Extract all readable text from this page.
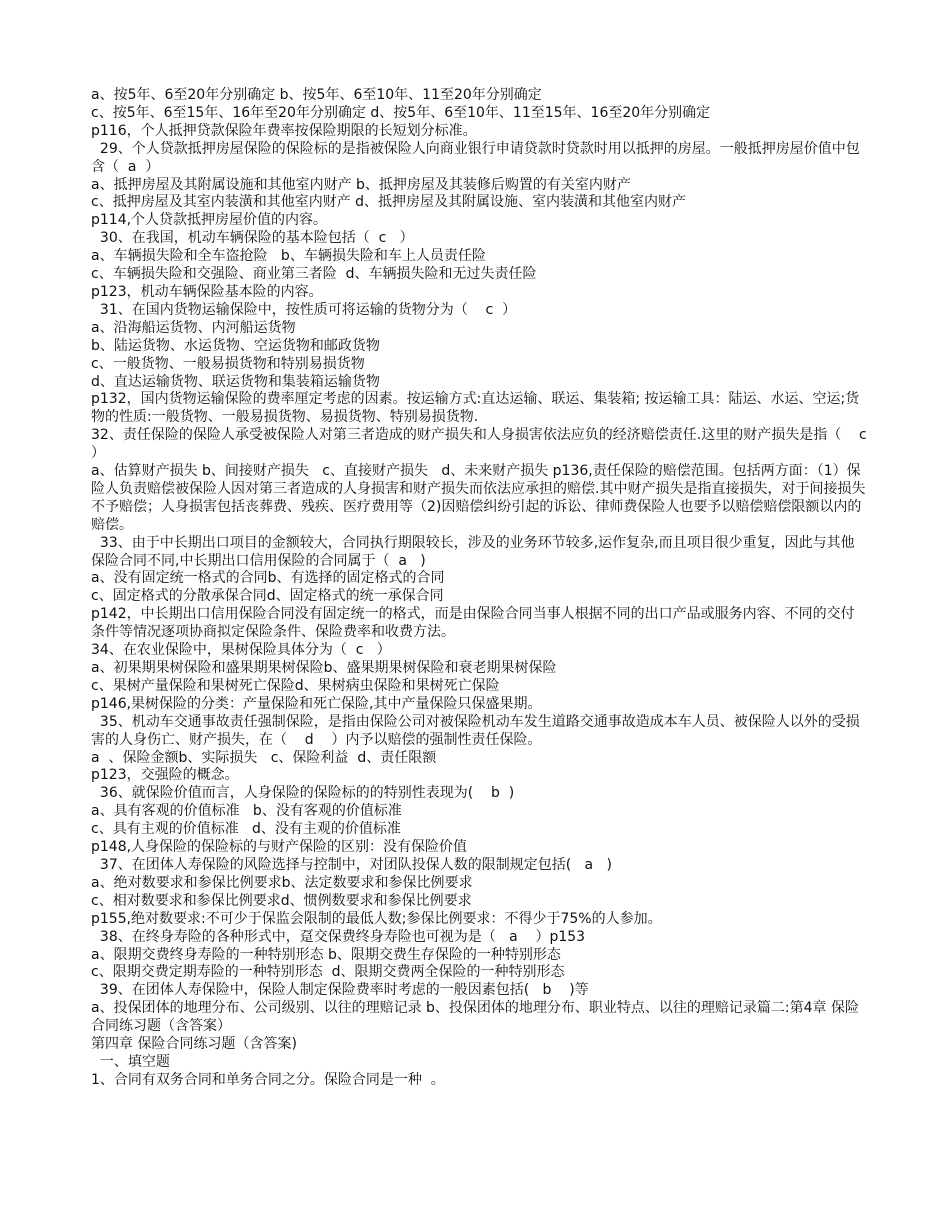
a、按5年、6至20年分别确定 b、按5年、6至10年、11至20年分别确定
c、按5年、6至15年、16年至20年分别确定 d、按5年、6至10年、11至15年、16至20年分别确定
p116，个人抵押贷款保险年费率按保险期限的长短划分标准。
29、个人贷款抵押房屋保险的保险标的是指被保险人向商业银行申请贷款时贷款时用以抵押的房屋。一般抵押房屋价值中包含（  a  ）
a、抵押房屋及其附属设施和其他室内财产 b、抵押房屋及其装修后购置的有关室内财产
c、抵押房屋及其室内装潢和其他室内财产 d、抵押房屋及其附属设施、室内装潢和其他室内财产
p114,个人贷款抵押房屋价值的内容。
30、在我国，机动车辆保险的基本险包括（  c   ）
a、车辆损失险和全车盗抢险   b、车辆损失险和车上人员责任险
c、车辆损失险和交强险、商业第三者险  d、车辆损失险和无过失责任险
p123，机动车辆保险基本险的内容。
31、在国内货物运输保险中，按性质可将运输的货物分为（    c  ）
a、沿海船运货物、内河船运货物
b、陆运货物、水运货物、空运货物和邮政货物
c、一般货物、一般易损货物和特别易损货物
d、直达运输货物、联运货物和集装箱运输货物
p132，国内货物运输保险的费率厘定考虑的因素。按运输方式:直达运输、联运、集装箱; 按运输工具：陆运、水运、空运;货物的性质:一般货物、一般易损货物、易损货物、特别易损货物.
32、责任保险的保险人承受被保险人对第三者造成的财产损失和人身损害依法应负的经济赔偿责任.这里的财产损失是指（    c    ）
a、估算财产损失 b、间接财产损失   c、直接财产损失   d、未来财产损失 p136,责任保险的赔偿范围。包括两方面：（1）保险人负责赔偿被保险人因对第三者造成的人身损害和财产损失而依法应承担的赔偿.其中财产损失是指直接损失，对于间接损失不予赔偿；人身损害包括丧葬费、残疾、医疗费用等（2)因赔偿纠纷引起的诉讼、律师费保险人也要予以赔偿赔偿限额以内的赔偿。
33、由于中长期出口项目的金额较大，合同执行期限较长，涉及的业务环节较多,运作复杂,而且项目很少重复，因此与其他保险合同不同,中长期出口信用保险的合同属于（  a   )
a、没有固定统一格式的合同b、有选择的固定格式的合同
c、固定格式的分散承保合同d、固定格式的统一承保合同
p142，中长期出口信用保险合同没有固定统一的格式，而是由保险合同当事人根据不同的出口产品或服务内容、不同的交付条件等情况逐项协商拟定保险条件、保险费率和收费方法。
34、在农业保险中，果树保险具体分为（  c   ）
a、初果期果树保险和盛果期果树保险b、盛果期果树保险和衰老期果树保险
c、果树产量保险和果树死亡保险d、果树病虫保险和果树死亡保险
p146,果树保险的分类：产量保险和死亡保险,其中产量保险只保盛果期。
35、机动车交通事故责任强制保险，是指由保险公司对被保险机动车发生道路交通事故造成本车人员、被保险人以外的受损害的人身伤亡、财产损失，在（    d    ）内予以赔偿的强制性责任保险。
a  、保险金额b、实际损失   c、保险利益  d、责任限额
p123，交强险的概念。
36、就保险价值而言，人身保险的保险标的的特别性表现为(    b  )
a、具有客观的价值标准   b、没有客观的价值标准
c、具有主观的价值标准   d、没有主观的价值标准
p148,人身保险的保险标的与财产保险的区别：没有保险价值
37、在团体人寿保险的风险选择与控制中，对团队投保人数的限制规定包括(   a   )
a、绝对数要求和参保比例要求b、法定数要求和参保比例要求
c、相对数要求和参保比例要求d、惯例数要求和参保比例要求
p155,绝对数要求:不可少于保监会限制的最低人数;参保比例要求：不得少于75%的人参加。
38、在终身寿险的各种形式中，趸交保费终身寿险也可视为是（   a    ）p153
a、限期交费终身寿险的一种特别形态 b、限期交费生存保险的一种特别形态
c、限期交费定期寿险的一种特别形态  d、限期交费两全保险的一种特别形态
39、在团体人寿保险中，保险人制定保险费率时考虑的一般因素包括(   b    )等
a、投保团体的地理分布、公司级别、以往的理赔记录 b、投保团体的地理分布、职业特点、以往的理赔记录篇二:第4章 保险合同练习题（含答案）
第四章 保险合同练习题（含答案)
一、填空题
1、合同有双务合同和单务合同之分。保险合同是一种  。
